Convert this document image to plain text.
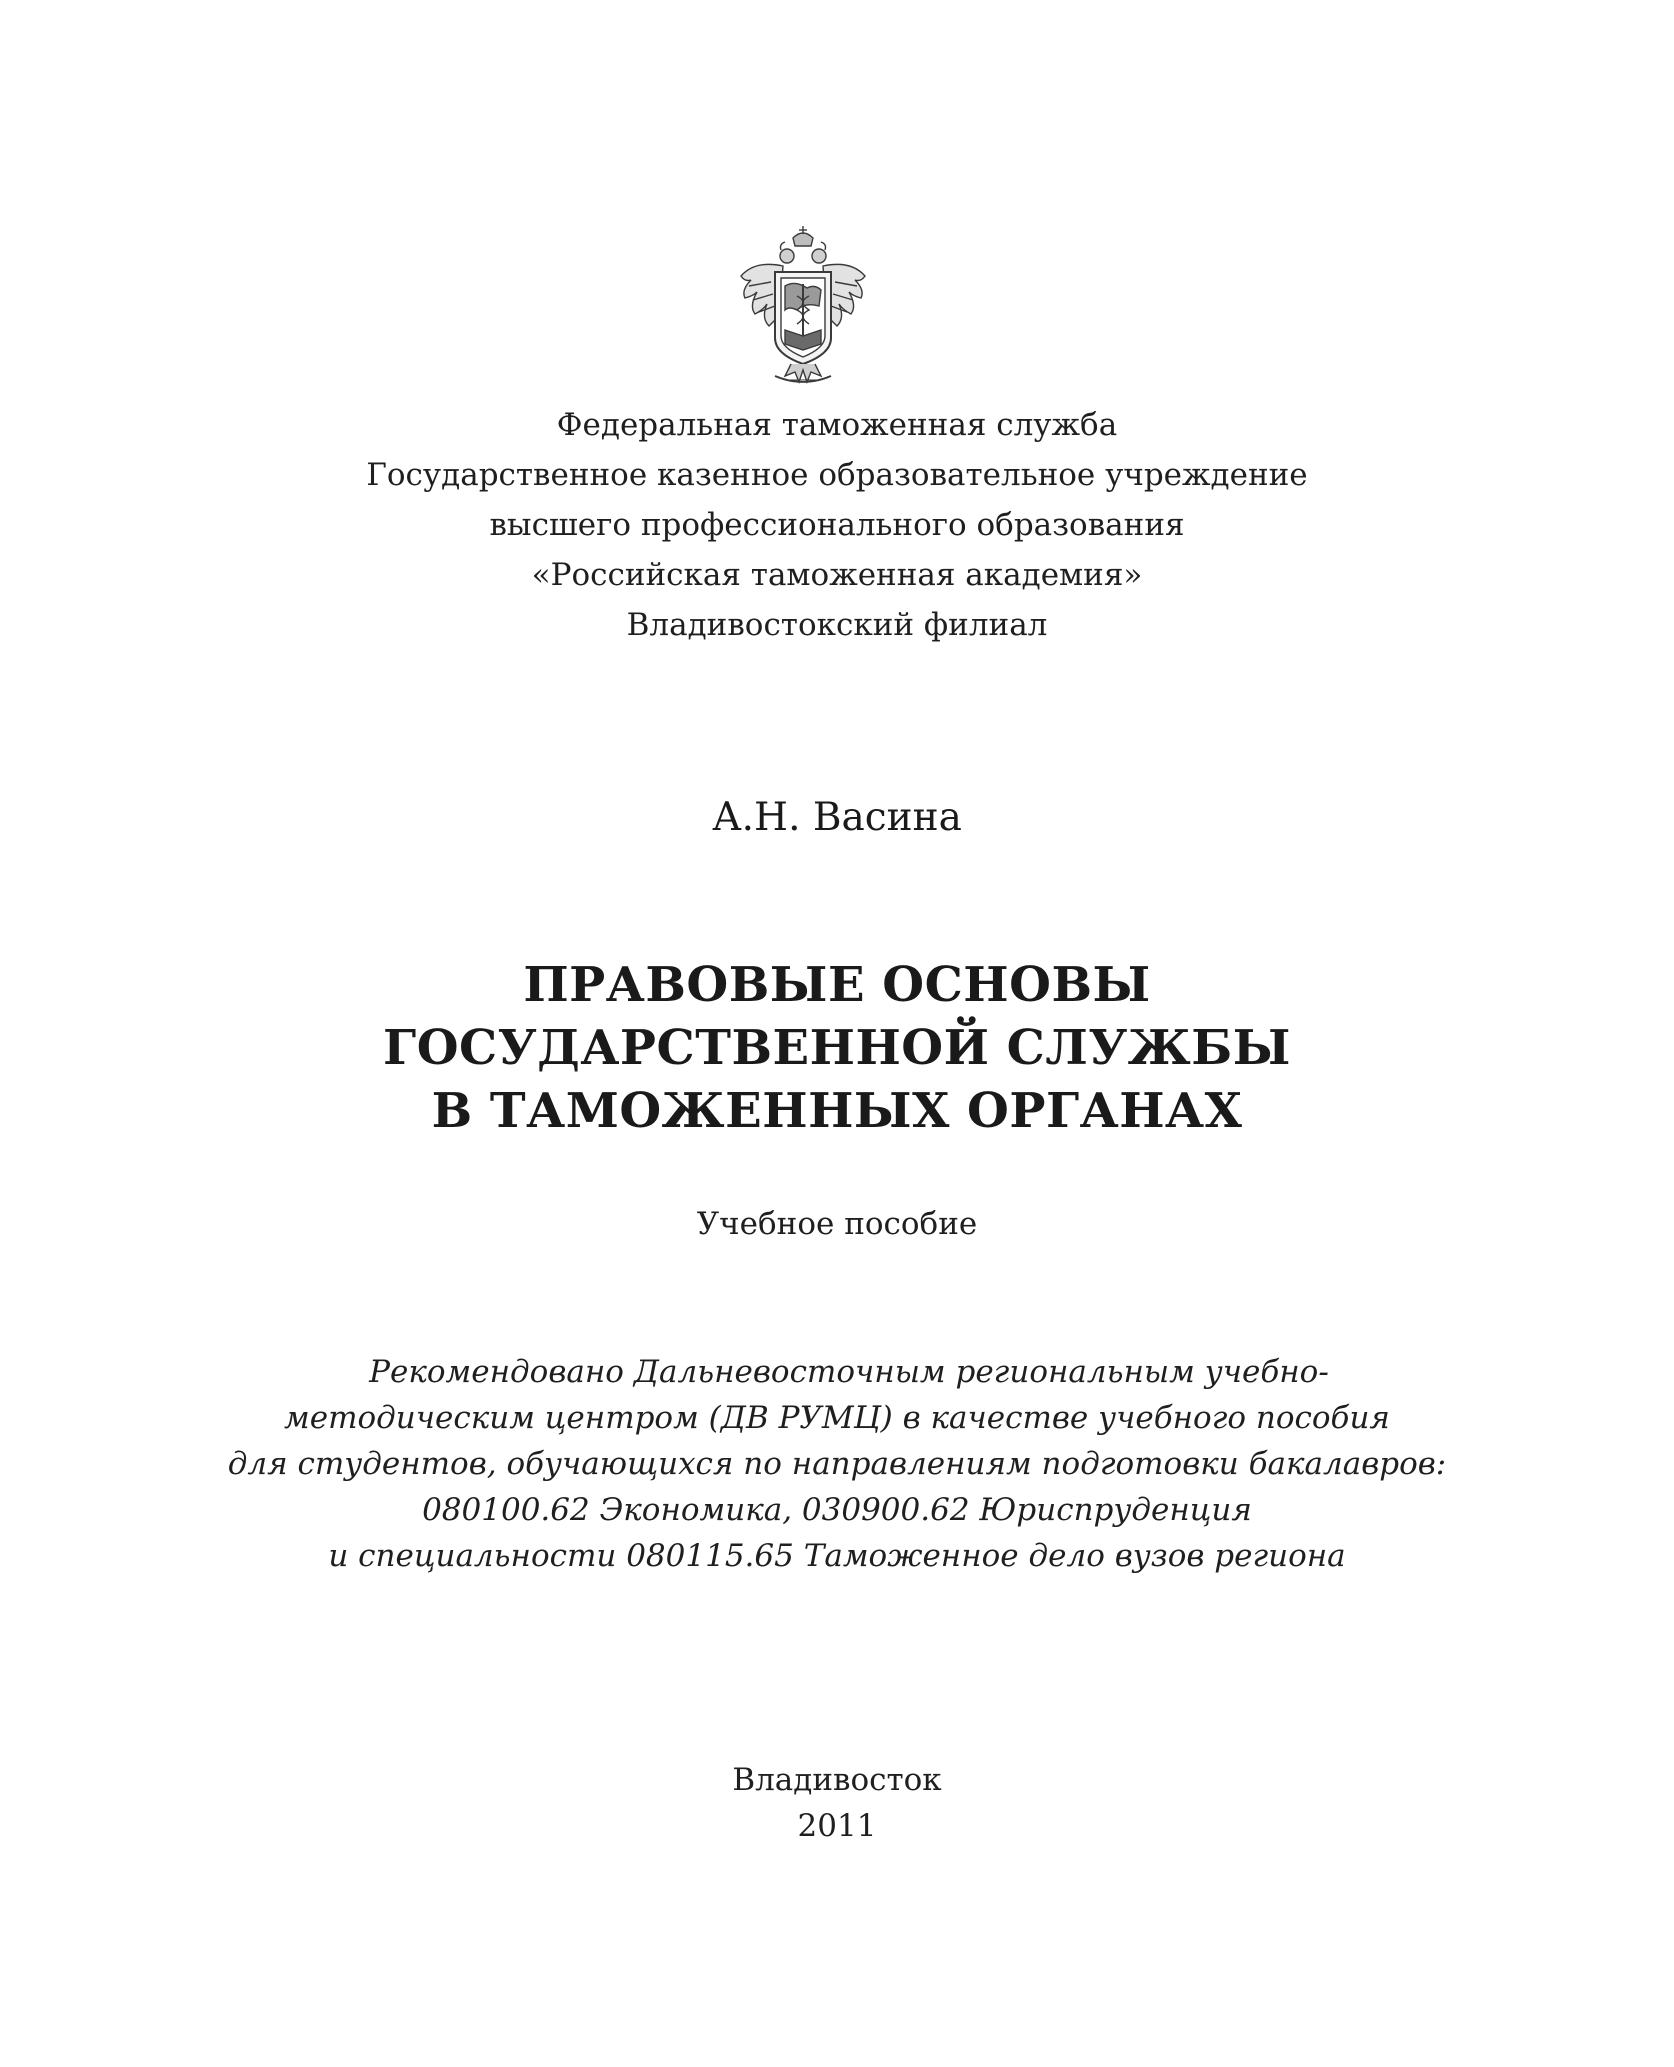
Федеральная таможенная служба
Государственное казенное образовательное учреждение
высшего профессионального образования
«Российская таможенная академия»
Владивостокский филиал
А.Н. Васина
ПРАВОВЫЕ ОСНОВЫ
ГОСУДАРСТВЕННОЙ СЛУЖБЫ
В ТАМОЖЕННЫХ ОРГАНАХ
Учебное пособие
Рекомендовано Дальневосточным региональным учебно-
методическим центром (ДВ РУМЦ) в качестве учебного пособия
для студентов, обучающихся по направлениям подготовки бакалавров:
080100.62 Экономика, 030900.62 Юриспруденция
и специальности 080115.65 Таможенное дело вузов региона
Владивосток
2011
